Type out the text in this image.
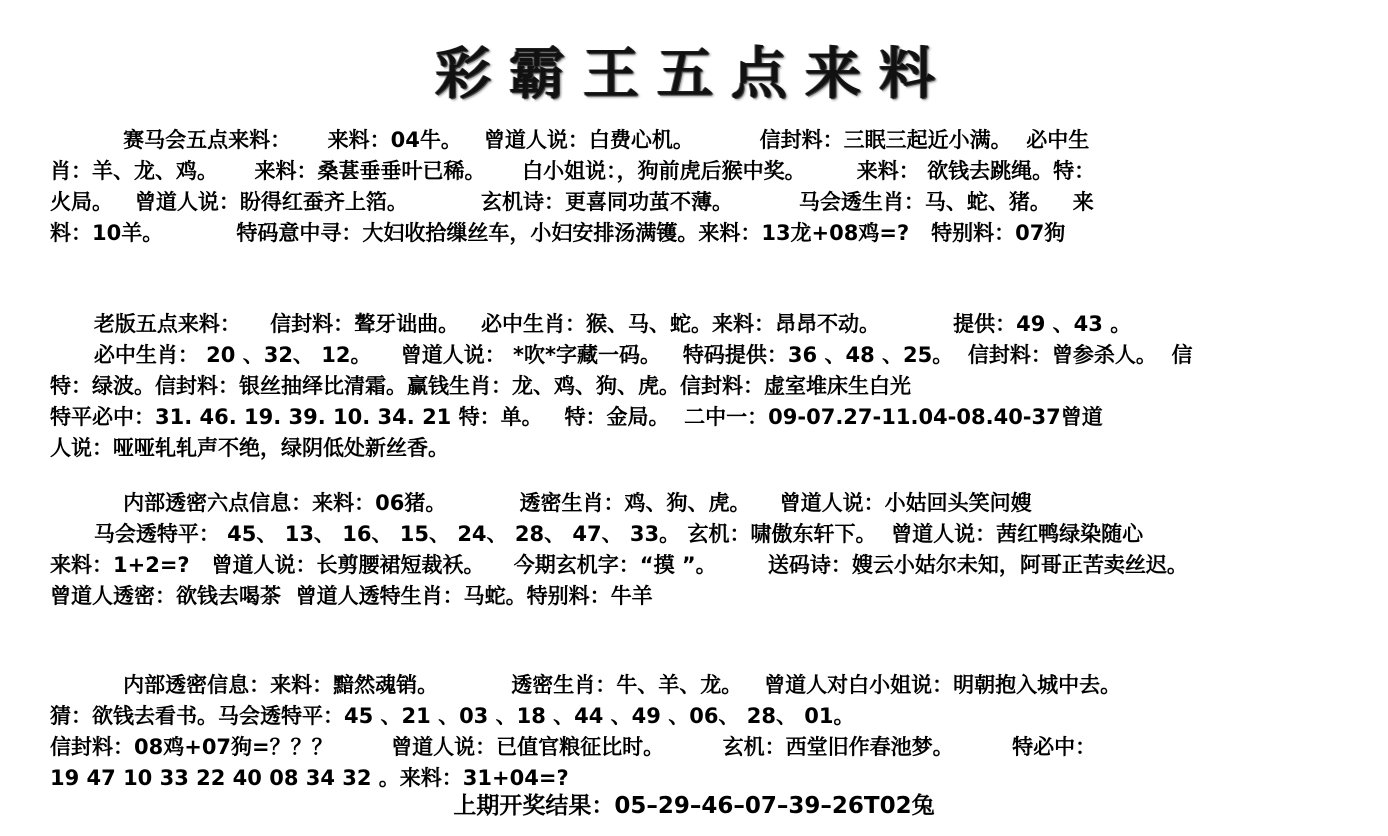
彩霸王五点来料
赛马会五点来料：     来料：04牛。   曾道人说：白费心机。         信封料：三眠三起近小满。  必中生
肖：羊、龙、鸡。     来料：桑葚垂垂叶已稀。     白小姐说：，狗前虎后猴中奖。       来料： 欲钱去跳绳。特：
火局。   曾道人说：盼得红蚕齐上箔。          玄机诗：更喜同功茧不薄。         马会透生肖：马、蛇、猪。   来
料：10羊。          特码意中寻：大妇收拾缫丝车，小妇安排汤满镬。来料：13龙+08鸡=?   特别料：07狗
老版五点来料：    信封料：聱牙诎曲。   必中生肖：猴、马、蛇。来料：昂昂不动。          提供：49 、43 。
必中生肖： 20 、32、 12。    曾道人说： *吹*字藏一码。   特码提供：36 、48 、25。  信封料：曾参杀人。  信
特：绿波。信封料：银丝抽绎比清霜。赢钱生肖：龙、鸡、狗、虎。信封料：虚室堆床生白光
特平必中：31. 46. 19. 39. 10. 34. 21 特：单。   特：金局。  二中一：09-07.27-11.04-08.40-37曾道
人说：哑哑轧轧声不绝，绿阴低处新丝香。
内部透密六点信息：来料：06猪。          透密生肖：鸡、狗、虎。    曾道人说：小姑回头笑问嫂
马会透特平： 45、 13、 16、 15、 24、 28、 47、 33。 玄机：啸傲东轩下。  曾道人说：茜红鸭绿染随心
来料：1+2=?   曾道人说：长剪腰裙短裁袄。    今期玄机字：“摸 ”。       送码诗：嫂云小姑尔未知，阿哥正苦卖丝迟。
曾道人透密：欲钱去喝茶  曾道人透特生肖：马蛇。特别料：牛羊
内部透密信息：来料：黯然魂销。          透密生肖：牛、羊、龙。   曾道人对白小姐说：明朝抱入城中去。
猜：欲钱去看书。马会透特平：45 、21 、03 、18 、44 、49 、06、 28、 01。
信封料：08鸡+07狗=？？？        曾道人说：已值官粮征比时。        玄机：西堂旧作春池梦。        特必中：
19 47 10 33 22 40 08 34 32 。来料：31+04=?
上期开奖结果：05–29–46–07–39–26T02兔
